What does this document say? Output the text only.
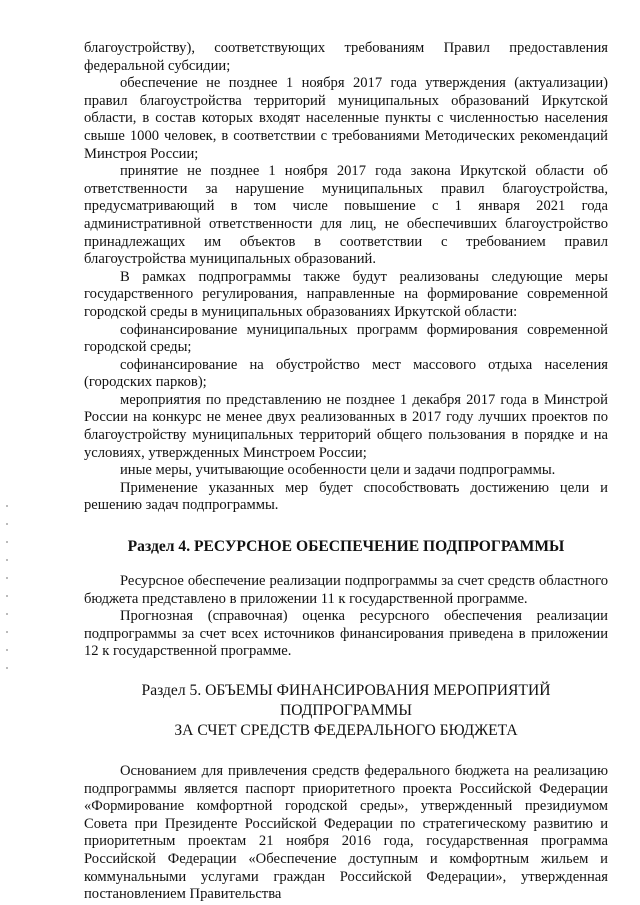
благоустройству), соответствующих требованиям Правил предоставления федеральной субсидии;

обеспечение не позднее 1 ноября 2017 года утверждения (актуализации) правил благоустройства территорий муниципальных образований Иркутской области, в состав которых входят населенные пункты с численностью населения свыше 1000 человек, в соответствии с требованиями Методических рекомендаций Минстроя России;

принятие не позднее 1 ноября 2017 года закона Иркутской области об ответственности за нарушение муниципальных правил благоустройства, предусматривающий в том числе повышение с 1 января 2021 года административной ответственности для лиц, не обеспечивших благоустройство принадлежащих им объектов в соответствии с требованием правил благоустройства муниципальных образований.

В рамках подпрограммы также будут реализованы следующие меры государственного регулирования, направленные на формирование современной городской среды в муниципальных образованиях Иркутской области:

софинансирование муниципальных программ формирования современной городской среды;

софинансирование на обустройство мест массового отдыха населения (городских парков);

мероприятия по представлению не позднее 1 декабря 2017 года в Минстрой России на конкурс не менее двух реализованных в 2017 году лучших проектов по благоустройству муниципальных территорий общего пользования в порядке и на условиях, утвержденных Минстроем России;

иные меры, учитывающие особенности цели и задачи подпрограммы.

Применение указанных мер будет способствовать достижению цели и решению задач подпрограммы.

Раздел 4. РЕСУРСНОЕ ОБЕСПЕЧЕНИЕ ПОДПРОГРАММЫ

Ресурсное обеспечение реализации подпрограммы за счет средств областного бюджета представлено в приложении 11 к государственной программе.

Прогнозная (справочная) оценка ресурсного обеспечения реализации подпрограммы за счет всех источников финансирования приведена в приложении 12 к государственной программе.

Раздел 5. ОБЪЕМЫ ФИНАНСИРОВАНИЯ МЕРОПРИЯТИЙ ПОДПРОГРАММЫ
ЗА СЧЕТ СРЕДСТВ ФЕДЕРАЛЬНОГО БЮДЖЕТА

Основанием для привлечения средств федерального бюджета на реализацию подпрограммы является паспорт приоритетного проекта Российской Федерации «Формирование комфортной городской среды», утвержденный президиумом Совета при Президенте Российской Федерации по стратегическому развитию и приоритетным проектам 21 ноября 2016 года, государственная программа Российской Федерации «Обеспечение доступным и комфортным жильем и коммунальными услугами граждан Российской Федерации», утвержденная постановлением Правительства
